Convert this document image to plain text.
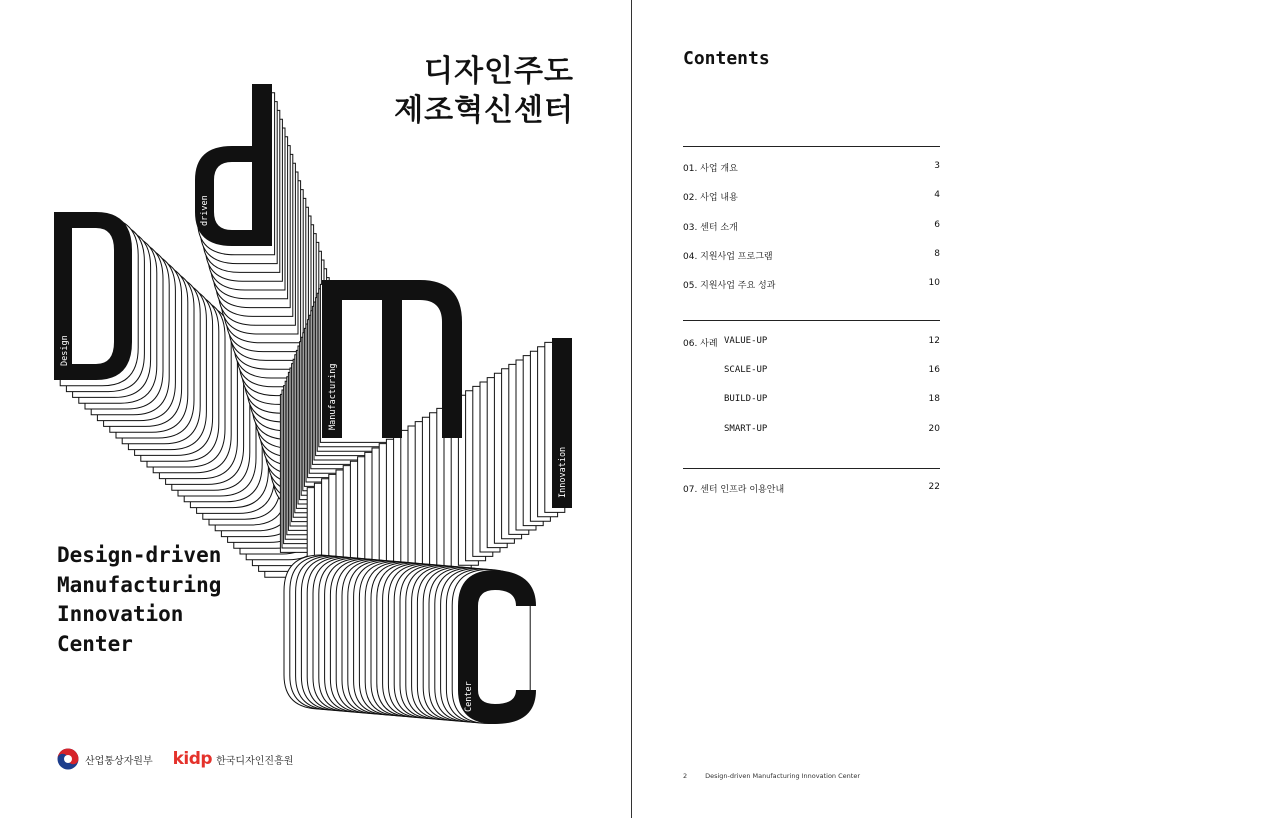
Design
driven
Manufacturing
Innovation
Center
디자인주도
제조혁신센터
Design-driven
Manufacturing
Innovation
Center
산업통상자원부 kidp 한국디자인진흥원
Contents
01. 사업 개요	3
02. 사업 내용	4
03. 센터 소개	6
04. 지원사업 프로그램	8
05. 지원사업 주요 성과	10
06. 사례 VALUE-UP	12
SCALE-UP	16
BUILD-UP	18
SMART-UP	20
07. 센터 인프라 이용안내	22
2	Design-driven Manufacturing Innovation Center
